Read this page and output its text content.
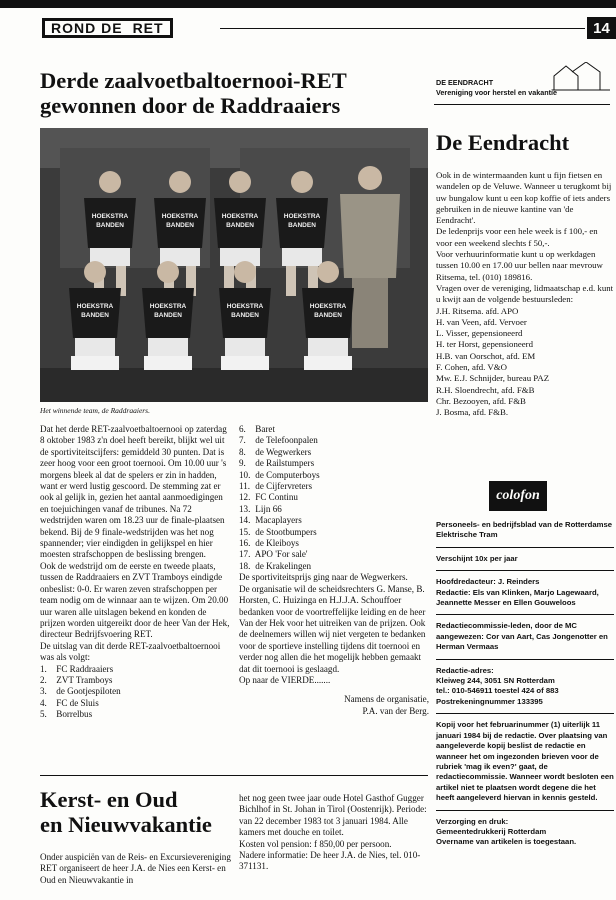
ROND DE RET	14
Derde zaalvoetbaltoernooi-RET
gewonnen door de Raddraaiers
HOEKSTRA
BANDEN
HOEKSTRA
BANDEN
HOEKSTRA
BANDEN
HOEKSTRA
BANDEN
HOEKSTRA
BANDEN
HOEKSTRA
BANDEN
HOEKSTRA
BANDEN
HOEKSTRA
BANDEN
Het winnende team, de Raddraaiers.

Dat het derde RET-zaalvoetbaltoernooi op zaterdag 8 oktober 1983 z'n doel heeft bereikt, blijkt wel uit de sportiviteitscijfers: gemiddeld 30 punten. Dat is zeer hoog voor een groot toernooi. Om 10.00 uur 's morgens bleek al dat de spelers er zin in hadden, want er werd lustig gescoord. De stemming zat er ook al gelijk in, gezien het aantal aanmoedigingen en toejuichingen vanaf de tribunes. Na 72 wedstrijden waren om 18.23 uur de finale-plaatsen bekend. Bij de 9 finale-wedstrijden was het nog spannender; vier eindigden in gelijkspel en hier moesten strafschoppen de beslissing brengen.

Ook de wedstrijd om de eerste en tweede plaats, tussen de Raddraaiers en ZVT Tramboys eindigde onbeslist: 0-0. Er waren zeven strafschoppen per team nodig om de winnaar aan te wijzen. Om 20.00 uur waren alle uitslagen bekend en konden de prijzen worden uitgereikt door de heer Van der Hek, directeur Bedrijfsvoering RET.

De uitslag van dit derde RET-zaalvoetbaltoernooi was als volgt:

1. FC Raddraaiers
2. ZVT Tramboys
3. de Gootjespiloten
4. FC de Sluis
5. Borrelbus
6. Baret
7. de Telefoonpalen
8. de Wegwerkers
9. de Railstumpers
10. de Computerboys
11. de Cijfervreters
12. FC Continu
13. Lijn 66
14. Macaplayers
15. de Stootbumpers
16. de Kleiboys
17. APO 'For sale'
18. de Krakelingen

De sportiviteitsprijs ging naar de Wegwerkers.

De organisatie wil de scheidsrechters G. Manse, B. Horsten, C. Huizinga en H.J.J.A. Schouffoer bedanken voor de voortreffelijke leiding en de heer Van der Hek voor het uitreiken van de prijzen. Ook de deelnemers willen wij niet vergeten te bedanken voor de sportieve instelling tijdens dit toernooi en verder nog allen die het mogelijk hebben gemaakt dat dit toernooi is geslaagd.

Op naar de VIERDE.......

Namens de organisatie,

P.A. van der Berg.

Kerst- en Oud
en Nieuwvakantie

Onder auspiciën van de Reis- en Excursievereniging RET organiseert de heer J.A. de Nies een Kerst- en Oud en Nieuwvakantie in

het nog geen twee jaar oude Hotel Gasthof Gugger Bichlhof in St. Johan in Tirol (Oostenrijk). Periode: van 22 december 1983 tot 3 januari 1984. Alle kamers met douche en toilet.

Kosten vol pension: f 850,00 per persoon.

Nadere informatie: De heer J.A. de Nies, tel. 010-371131.

DE EENDRACHT
Vereniging voor herstel en vakantie
De Eendracht

Ook in de wintermaanden kunt u fijn fietsen en wandelen op de Veluwe. Wanneer u terugkomt bij uw bungalow kunt u een kop koffie of iets anders gebruiken in de nieuwe kantine van 'de Eendracht'.

De ledenprijs voor een hele week is f 100,- en voor een weekend slechts f 50,-.

Voor verhuurinformatie kunt u op werkdagen tussen 10.00 en 17.00 uur bellen naar mevrouw Ritsema, tel. (010) 189816.

Vragen over de vereniging, lidmaatschap e.d. kunt u kwijt aan de volgende bestuursleden:

J.H. Ritsema. afd. APO
H. van Veen, afd. Vervoer
L. Visser, gepensioneerd
H. ter Horst, gepensioneerd
H.B. van Oorschot, afd. EM
F. Cohen, afd. V&O
Mw. E.J. Schnijder, bureau PAZ
R.H. Sloendrecht, afd. F&B
Chr. Bezooyen, afd. F&B
J. Bosma, afd. F&B.
colofon
Personeels- en bedrijfsblad van de Rotterdamse Elektrische Tram
Verschijnt 10x per jaar
Hoofdredacteur: J. Reinders
Redactie: Els van Klinken, Marjo Lagewaard, Jeannette Messer en Ellen Gouweloos
Redactiecommissie-leden, door de MC aangewezen: Cor van Aart, Cas Jongenotter en Herman Vermaas
Redactie-adres:
Kleiweg 244, 3051 SN Rotterdam
tel.: 010-546911 toestel 424 of 883
Postrekeningnummer 133395
Kopij voor het februarinummer (1) uiterlijk 11 januari 1984 bij de redactie. Over plaatsing van aangeleverde kopij beslist de redactie en wanneer het om ingezonden brieven voor de rubriek 'mag ik even?' gaat, de redactiecommissie. Wanneer wordt besloten een artikel niet te plaatsen wordt degene die het heeft aangeleverd hiervan in kennis gesteld.
Verzorging en druk:
Gemeentedrukkerij Rotterdam
Overname van artikelen is toegestaan.
